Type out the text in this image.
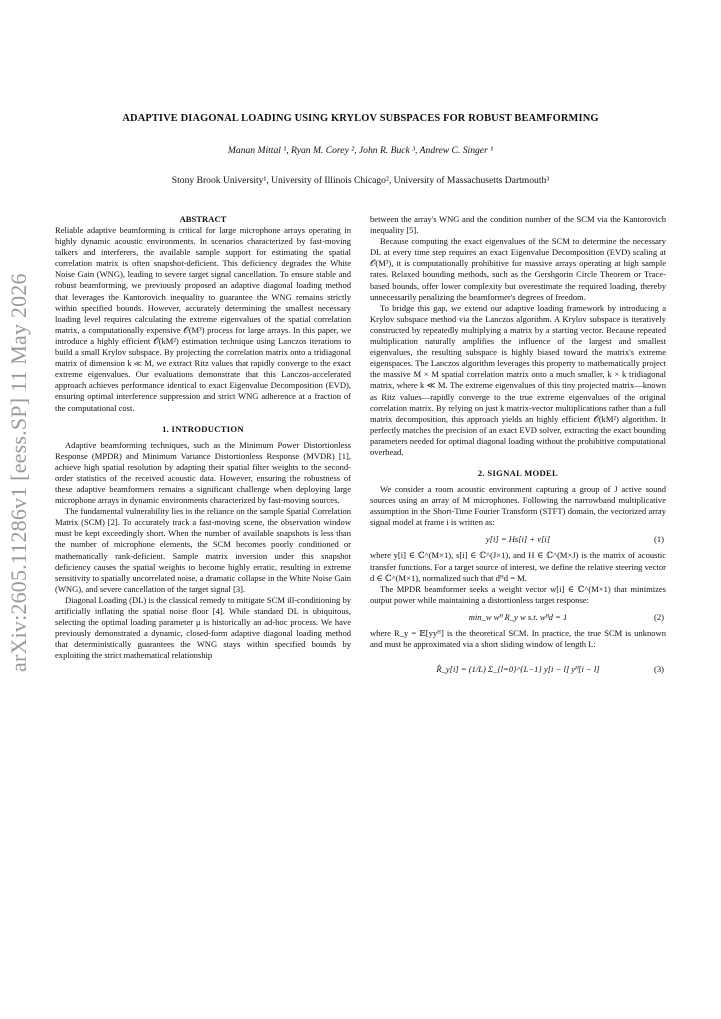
arXiv:2605.11286v1 [eess.SP] 11 May 2026
ADAPTIVE DIAGONAL LOADING USING KRYLOV SUBSPACES FOR ROBUST BEAMFORMING
Manan Mittal ¹, Ryan M. Corey ², John R. Buck ³, Andrew C. Singer ¹
Stony Brook University¹, University of Illinois Chicago², University of Massachusetts Dartmouth³
ABSTRACT

Reliable adaptive beamforming is critical for large microphone arrays operating in highly dynamic acoustic environments. In scenarios characterized by fast-moving talkers and interferers, the available sample support for estimating the spatial correlation matrix is often snapshot-deficient. This deficiency degrades the White Noise Gain (WNG), leading to severe target signal cancellation. To ensure stable and robust beamforming, we previously proposed an adaptive diagonal loading method that leverages the Kantorovich inequality to guarantee the WNG remains strictly within specified bounds. However, accurately determining the smallest necessary loading level requires calculating the extreme eigenvalues of the spatial correlation matrix, a computationally expensive 𝒪(M³) process for large arrays. In this paper, we introduce a highly efficient 𝒪(kM²) estimation technique using Lanczos iterations to build a small Krylov subspace. By projecting the correlation matrix onto a tridiagonal matrix of dimension k ≪ M, we extract Ritz values that rapidly converge to the exact extreme eigenvalues. Our evaluations demonstrate that this Lanczos-accelerated approach achieves performance identical to exact Eigenvalue Decomposition (EVD), ensuring optimal interference suppression and strict WNG adherence at a fraction of the computational cost.

1. INTRODUCTION

Adaptive beamforming techniques, such as the Minimum Power Distortionless Response (MPDR) and Minimum Variance Distortionless Response (MVDR) [1], achieve high spatial resolution by adapting their spatial filter weights to the second-order statistics of the received acoustic data. However, ensuring the robustness of these adaptive beamformers remains a significant challenge when deploying large microphone arrays in dynamic environments characterized by fast-moving sources.

The fundamental vulnerability lies in the reliance on the sample Spatial Correlation Matrix (SCM) [2]. To accurately track a fast-moving scene, the observation window must be kept exceedingly short. When the number of available snapshots is less than the number of microphone elements, the SCM becomes poorly conditioned or mathematically rank-deficient. Sample matrix inversion under this snapshot deficiency causes the spatial weights to become highly erratic, resulting in extreme sensitivity to spatially uncorrelated noise, a dramatic collapse in the White Noise Gain (WNG), and severe cancellation of the target signal [3].

Diagonal Loading (DL) is the classical remedy to mitigate SCM ill-conditioning by artificially inflating the spatial noise floor [4]. While standard DL is ubiquitous, selecting the optimal loading parameter μ is historically an ad-hoc process. We have previously demonstrated a dynamic, closed-form adaptive diagonal loading method that deterministically guarantees the WNG stays within specified bounds by exploiting the strict mathematical relationship

between the array's WNG and the condition number of the SCM via the Kantorovich inequality [5].

Because computing the exact eigenvalues of the SCM to determine the necessary DL at every time step requires an exact Eigenvalue Decomposition (EVD) scaling at 𝒪(M³), it is computationally prohibitive for massive arrays operating at high sample rates. Relaxed bounding methods, such as the Gershgorin Circle Theorem or Trace-based bounds, offer lower complexity but overestimate the required loading, thereby unnecessarily penalizing the beamformer's degrees of freedom.

To bridge this gap, we extend our adaptive loading framework by introducing a Krylov subspace method via the Lanczos algorithm. A Krylov subspace is iteratively constructed by repeatedly multiplying a matrix by a starting vector. Because repeated multiplication naturally amplifies the influence of the largest and smallest eigenvalues, the resulting subspace is highly biased toward the matrix's extreme eigenspaces. The Lanczos algorithm leverages this property to mathematically project the massive M × M spatial correlation matrix onto a much smaller, k × k tridiagonal matrix, where k ≪ M. The extreme eigenvalues of this tiny projected matrix—known as Ritz values—rapidly converge to the true extreme eigenvalues of the original correlation matrix. By relying on just k matrix-vector multiplications rather than a full matrix decomposition, this approach yields an highly efficient 𝒪(kM²) algorithm. It perfectly matches the precision of an exact EVD solver, extracting the exact bounding parameters needed for optimal diagonal loading without the prohibitive computational overhead.

2. SIGNAL MODEL

We consider a room acoustic environment capturing a group of J active sound sources using an array of M microphones. Following the narrowband multiplicative assumption in the Short-Time Fourier Transform (STFT) domain, the vectorized array signal model at frame i is written as:

y[i] = Hs[i] + v[i]	(1)

where y[i] ∈ ℂ^(M×1), s[i] ∈ ℂ^(J×1), and H ∈ ℂ^(M×J) is the matrix of acoustic transfer functions. For a target source of interest, we define the relative steering vector d ∈ ℂ^(M×1), normalized such that dᴴd = M.

The MPDR beamformer seeks a weight vector w[i] ∈ ℂ^(M×1) that minimizes output power while maintaining a distortionless target response:

min_w wᴴ R_y w s.t. wᴴd = 1	(2)

where R_y = 𝔼[yyᴴ] is the theoretical SCM. In practice, the true SCM is unknown and must be approximated via a short sliding window of length L:

R̂_y[i] = (1/L) Σ_{l=0}^{L−1} y[i − l] yᴴ[i − l]	(3)
